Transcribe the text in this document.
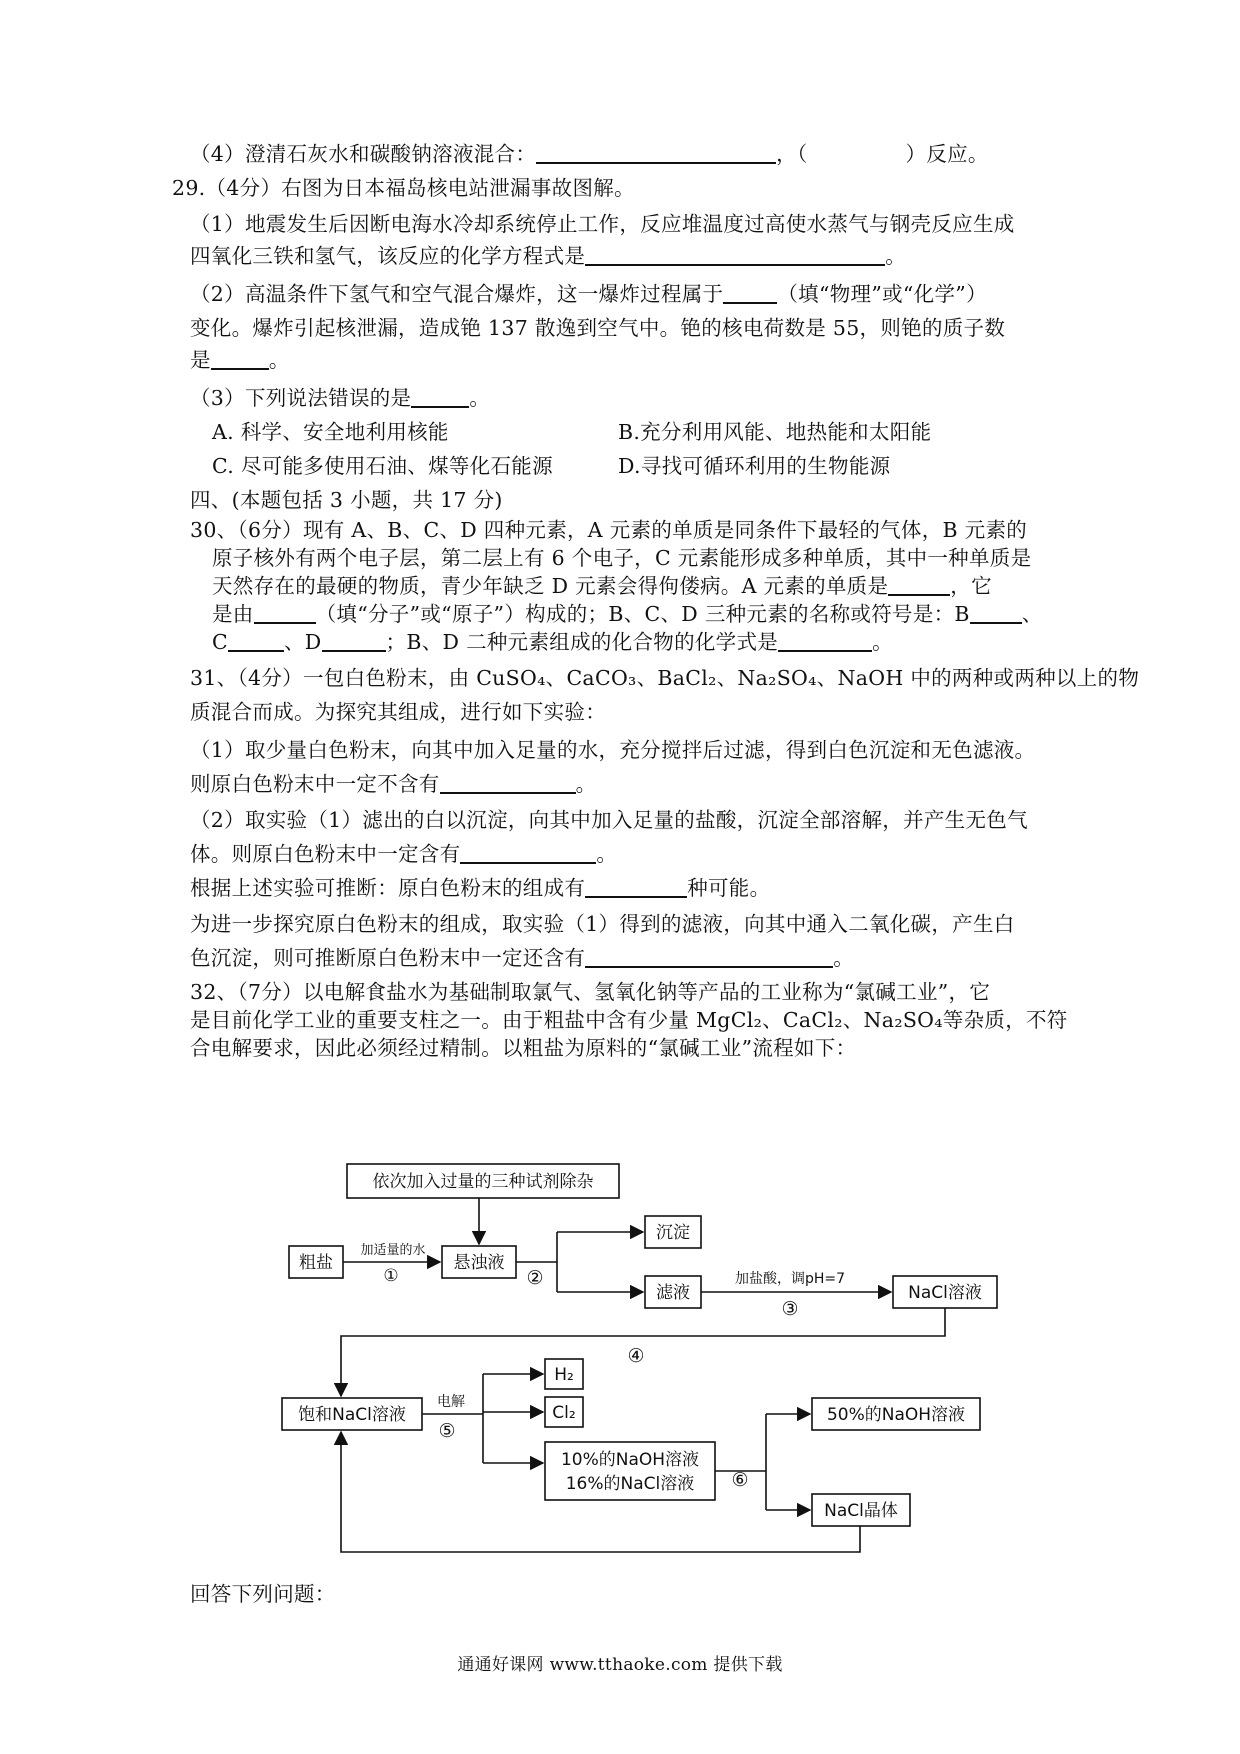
（4）澄清石灰水和碳酸钠溶液混合：	，（	）反应。
29.（4分）右图为日本福岛核电站泄漏事故图解。
（1）地震发生后因断电海水冷却系统停止工作，反应堆温度过高使水蒸气与钢壳反应生成
四氧化三铁和氢气，该反应的化学方程式是	。
（2）高温条件下氢气和空气混合爆炸，这一爆炸过程属于	（填“物理”或“化学”）
变化。爆炸引起核泄漏，造成铯 137 散逸到空气中。铯的核电荷数是 55，则铯的质子数
是	。
（3）下列说法错误的是	。
A. 科学、安全地利用核能	B.充分利用风能、地热能和太阳能
C. 尽可能多使用石油、煤等化石能源	D.寻找可循环利用的生物能源
四、(本题包括 3 小题，共 17 分)
30、（6分）现有 A、B、C、D 四种元素，A 元素的单质是同条件下最轻的气体，B 元素的
原子核外有两个电子层，第二层上有 6 个电子，C 元素能形成多种单质，其中一种单质是
天然存在的最硬的物质，青少年缺乏 D 元素会得佝偻病。A 元素的单质是	，它
是由	（填“分子”或“原子”）构成的；B、C、D 三种元素的名称或符号是：B	、
C	、D	；B、D 二种元素组成的化合物的化学式是	。
31、（4分）一包白色粉末，由 CuSO₄、CaCO₃、BaCl₂、Na₂SO₄、NaOH 中的两种或两种以上的物
质混合而成。为探究其组成，进行如下实验：
（1）取少量白色粉末，向其中加入足量的水，充分搅拌后过滤，得到白色沉淀和无色滤液。
则原白色粉末中一定不含有	。
（2）取实验（1）滤出的白以沉淀，向其中加入足量的盐酸，沉淀全部溶解，并产生无色气
体。则原白色粉末中一定含有	。
根据上述实验可推断：原白色粉末的组成有	种可能。
为进一步探究原白色粉末的组成，取实验（1）得到的滤液，向其中通入二氧化碳，产生白
色沉淀，则可推断原白色粉末中一定还含有	。
32、（7分）以电解食盐水为基础制取氯气、氢氧化钠等产品的工业称为“氯碱工业”，它
是目前化学工业的重要支柱之一。由于粗盐中含有少量 MgCl₂、CaCl₂、Na₂SO₄等杂质，不符
合电解要求，因此必须经过精制。以粗盐为原料的“氯碱工业”流程如下：
依次加入过量的三种试剂除杂
粗盐
加适量的水
①
悬浊液
②
沉淀
滤液
加盐酸，调pH=7
③
NaCl溶液
④
饱和NaCl溶液
电解
⑤
H₂
Cl₂
10%的NaOH溶液
16%的NaCl溶液 ⑥
50%的NaOH溶液
NaCl晶体
回答下列问题：
通通好课网 www.tthaoke.com 提供下载
